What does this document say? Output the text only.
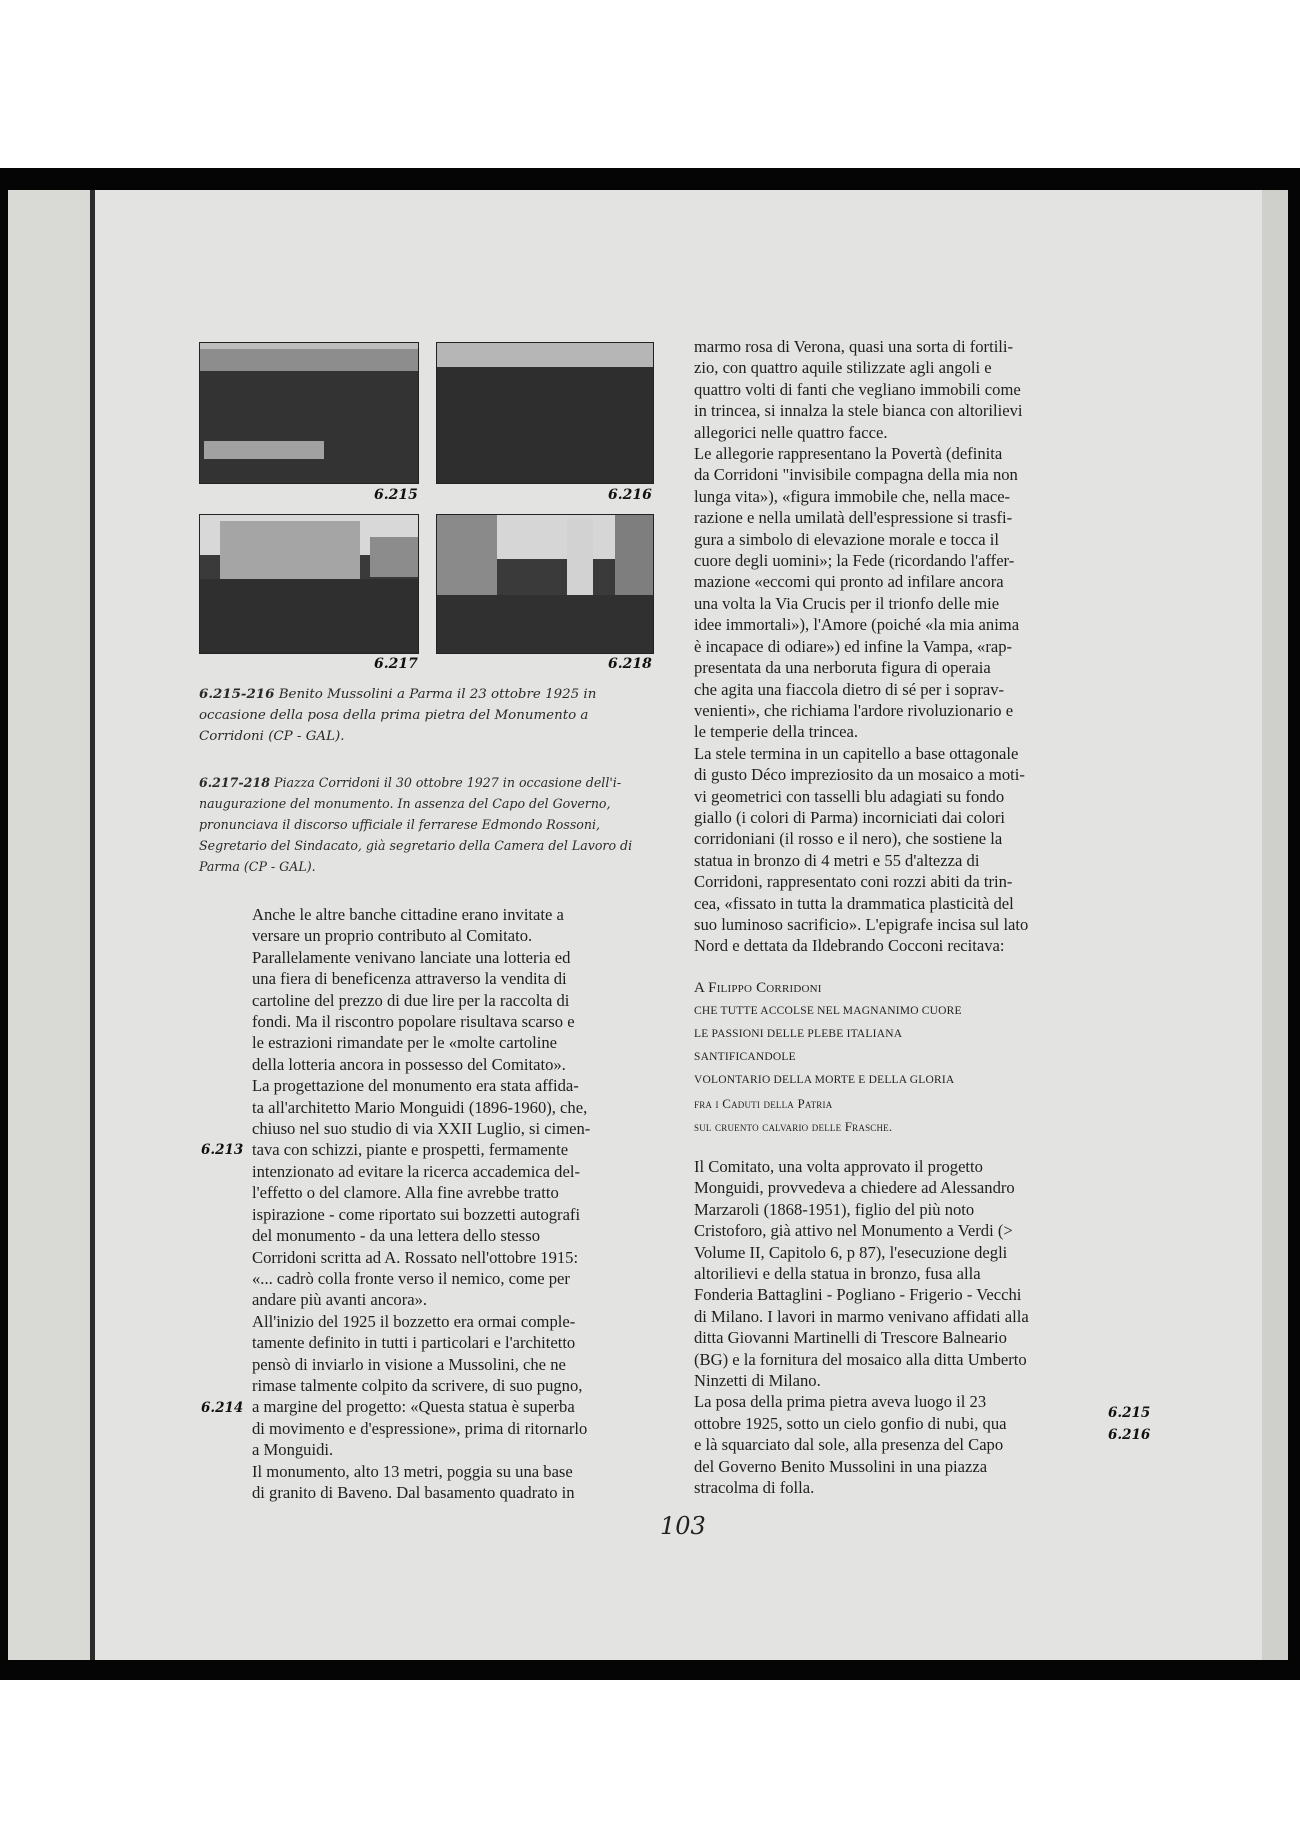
6.215	6.216
6.217	6.218
6.215-216 Benito Mussolini a Parma il 23 ottobre 1925 in
occasione della posa della prima pietra del Monumento a
Corridoni (CP - GAL).
6.217-218 Piazza Corridoni il 30 ottobre 1927 in occasione dell'i-
naugurazione del monumento. In assenza del Capo del Governo,
pronunciava il discorso ufficiale il ferrarese Edmondo Rossoni,
Segretario del Sindacato, già segretario della Camera del Lavoro di
Parma (CP - GAL).
Anche le altre banche cittadine erano invitate a
versare un proprio contributo al Comitato.
Parallelamente venivano lanciate una lotteria ed
una fiera di beneficenza attraverso la vendita di
cartoline del prezzo di due lire per la raccolta di
fondi. Ma il riscontro popolare risultava scarso e
le estrazioni rimandate per le «molte cartoline
della lotteria ancora in possesso del Comitato».
La progettazione del monumento era stata affida-
ta all'architetto Mario Monguidi (1896-1960), che,
chiuso nel suo studio di via XXII Luglio, si cimen-
tava con schizzi, piante e prospetti, fermamente
intenzionato ad evitare la ricerca accademica del-
l'effetto o del clamore. Alla fine avrebbe tratto
ispirazione - come riportato sui bozzetti autografi
del monumento - da una lettera dello stesso
Corridoni scritta ad A. Rossato nell'ottobre 1915:
«... cadrò colla fronte verso il nemico, come per
andare più avanti ancora».
All'inizio del 1925 il bozzetto era ormai comple-
tamente definito in tutti i particolari e l'architetto
pensò di inviarlo in visione a Mussolini, che ne
rimase talmente colpito da scrivere, di suo pugno,
a margine del progetto: «Questa statua è superba
di movimento e d'espressione», prima di ritornarlo
a Monguidi.
Il monumento, alto 13 metri, poggia su una base
di granito di Baveno. Dal basamento quadrato in
6.213
6.214
marmo rosa di Verona, quasi una sorta di fortili-
zio, con quattro aquile stilizzate agli angoli e
quattro volti di fanti che vegliano immobili come
in trincea, si innalza la stele bianca con altorilievi
allegorici nelle quattro facce.
Le allegorie rappresentano la Povertà (definita
da Corridoni "invisibile compagna della mia non
lunga vita»), «figura immobile che, nella mace-
razione e nella umilatà dell'espressione si trasfi-
gura a simbolo di elevazione morale e tocca il
cuore degli uomini»; la Fede (ricordando l'affer-
mazione «eccomi qui pronto ad infilare ancora
una volta la Via Crucis per il trionfo delle mie
idee immortali»), l'Amore (poiché «la mia anima
è incapace di odiare») ed infine la Vampa, «rap-
presentata da una nerboruta figura di operaia
che agita una fiaccola dietro di sé per i soprav-
venienti», che richiama l'ardore rivoluzionario e
le temperie della trincea.
La stele termina in un capitello a base ottagonale
di gusto Déco impreziosito da un mosaico a moti-
vi geometrici con tasselli blu adagiati su fondo
giallo (i colori di Parma) incorniciati dai colori
corridoniani (il rosso e il nero), che sostiene la
statua in bronzo di 4 metri e 55 d'altezza di
Corridoni, rappresentato coni rozzi abiti da trin-
cea, «fissato in tutta la drammatica plasticità del
suo luminoso sacrificio». L'epigrafe incisa sul lato
Nord e dettata da Ildebrando Cocconi recitava:
A Filippo Corridoni
CHE TUTTE ACCOLSE NEL MAGNANIMO CUORE
LE PASSIONI DELLE PLEBE ITALIANA
SANTIFICANDOLE
VOLONTARIO DELLA MORTE E DELLA GLORIA
fra i Caduti della Patria
sul cruento calvario delle Frasche.
Il Comitato, una volta approvato il progetto
Monguidi, provvedeva a chiedere ad Alessandro
Marzaroli (1868-1951), figlio del più noto
Cristoforo, già attivo nel Monumento a Verdi (>
Volume II, Capitolo 6, p 87), l'esecuzione degli
altorilievi e della statua in bronzo, fusa alla
Fonderia Battaglini - Pogliano - Frigerio - Vecchi
di Milano. I lavori in marmo venivano affidati alla
ditta Giovanni Martinelli di Trescore Balneario
(BG) e la fornitura del mosaico alla ditta Umberto
Ninzetti di Milano.
La posa della prima pietra aveva luogo il 23
ottobre 1925, sotto un cielo gonfio di nubi, qua
e là squarciato dal sole, alla presenza del Capo
del Governo Benito Mussolini in una piazza
stracolma di folla.
6.215
6.216
103
